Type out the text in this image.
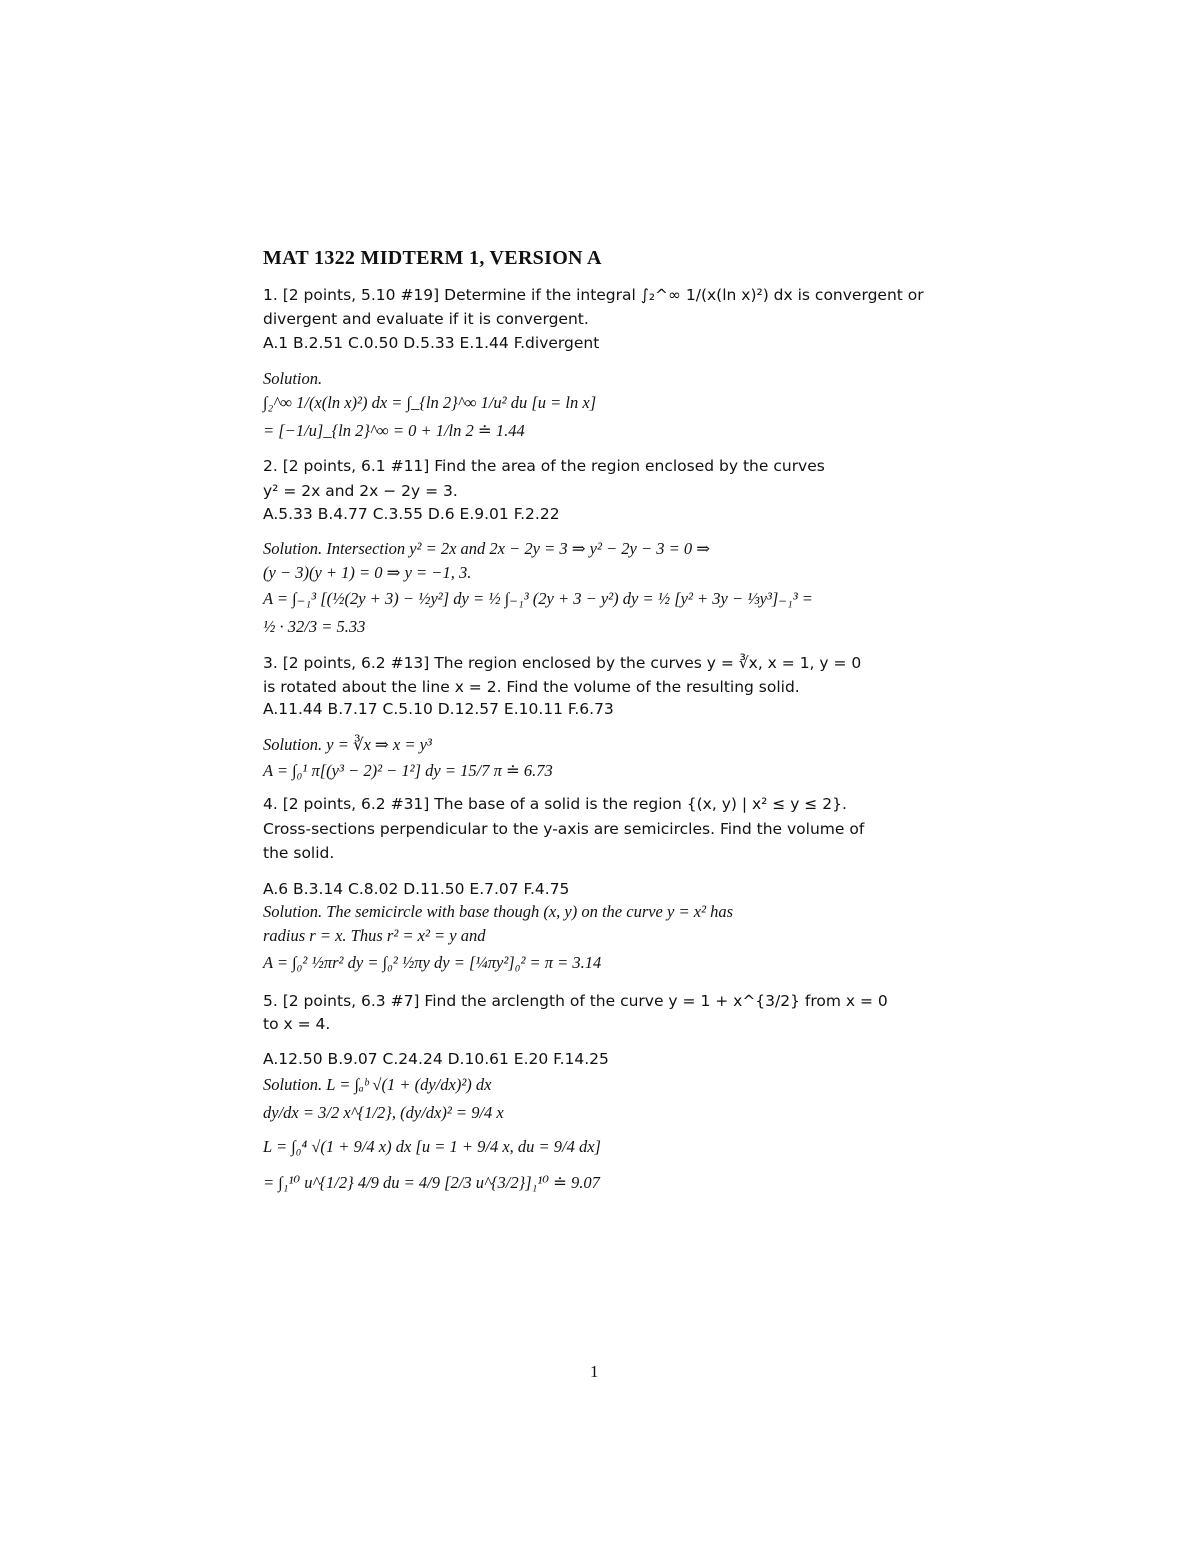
MAT 1322 MIDTERM 1, VERSION A
1. [2 points, 5.10 #19] Determine if the integral ∫₂^∞ 1/(x(ln x)²) dx is convergent or
divergent and evaluate if it is convergent.
A.1 B.2.51 C.0.50 D.5.33 E.1.44 F.divergent
Solution.
∫₂^∞ 1/(x(ln x)²) dx = ∫_{ln 2}^∞ 1/u² du [u = ln x]
= [−1/u]_{ln 2}^∞ = 0 + 1/ln 2 ≐ 1.44
2. [2 points, 6.1 #11] Find the area of the region enclosed by the curves
y² = 2x and 2x − 2y = 3.
A.5.33 B.4.77 C.3.55 D.6 E.9.01 F.2.22
Solution. Intersection y² = 2x and 2x − 2y = 3 ⇒ y² − 2y − 3 = 0 ⇒
(y − 3)(y + 1) = 0 ⇒ y = −1, 3.
A = ∫₋₁³ [(½(2y + 3) − ½y²] dy = ½ ∫₋₁³ (2y + 3 − y²) dy = ½ [y² + 3y − ⅓y³]₋₁³ =
½ · 32/3 = 5.33
3. [2 points, 6.2 #13] The region enclosed by the curves y = ∛x, x = 1, y = 0
is rotated about the line x = 2. Find the volume of the resulting solid.
A.11.44 B.7.17 C.5.10 D.12.57 E.10.11 F.6.73
Solution. y = ∛x ⇒ x = y³
A = ∫₀¹ π[(y³ − 2)² − 1²] dy = 15/7 π ≐ 6.73
4. [2 points, 6.2 #31] The base of a solid is the region {(x, y) | x² ≤ y ≤ 2}.
Cross-sections perpendicular to the y-axis are semicircles. Find the volume of
the solid.
A.6 B.3.14 C.8.02 D.11.50 E.7.07 F.4.75
Solution. The semicircle with base though (x, y) on the curve y = x² has
radius r = x. Thus r² = x² = y and
A = ∫₀² ½πr² dy = ∫₀² ½πy dy = [¼πy²]₀² = π = 3.14
5. [2 points, 6.3 #7] Find the arclength of the curve y = 1 + x^{3/2} from x = 0
to x = 4.
A.12.50 B.9.07 C.24.24 D.10.61 E.20 F.14.25
Solution. L = ∫ₐᵇ √(1 + (dy/dx)²) dx
dy/dx = 3/2 x^{1/2}, (dy/dx)² = 9/4 x
L = ∫₀⁴ √(1 + 9/4 x) dx [u = 1 + 9/4 x, du = 9/4 dx]
= ∫₁¹⁰ u^{1/2} 4/9 du = 4/9 [2/3 u^{3/2}]₁¹⁰ ≐ 9.07
1
